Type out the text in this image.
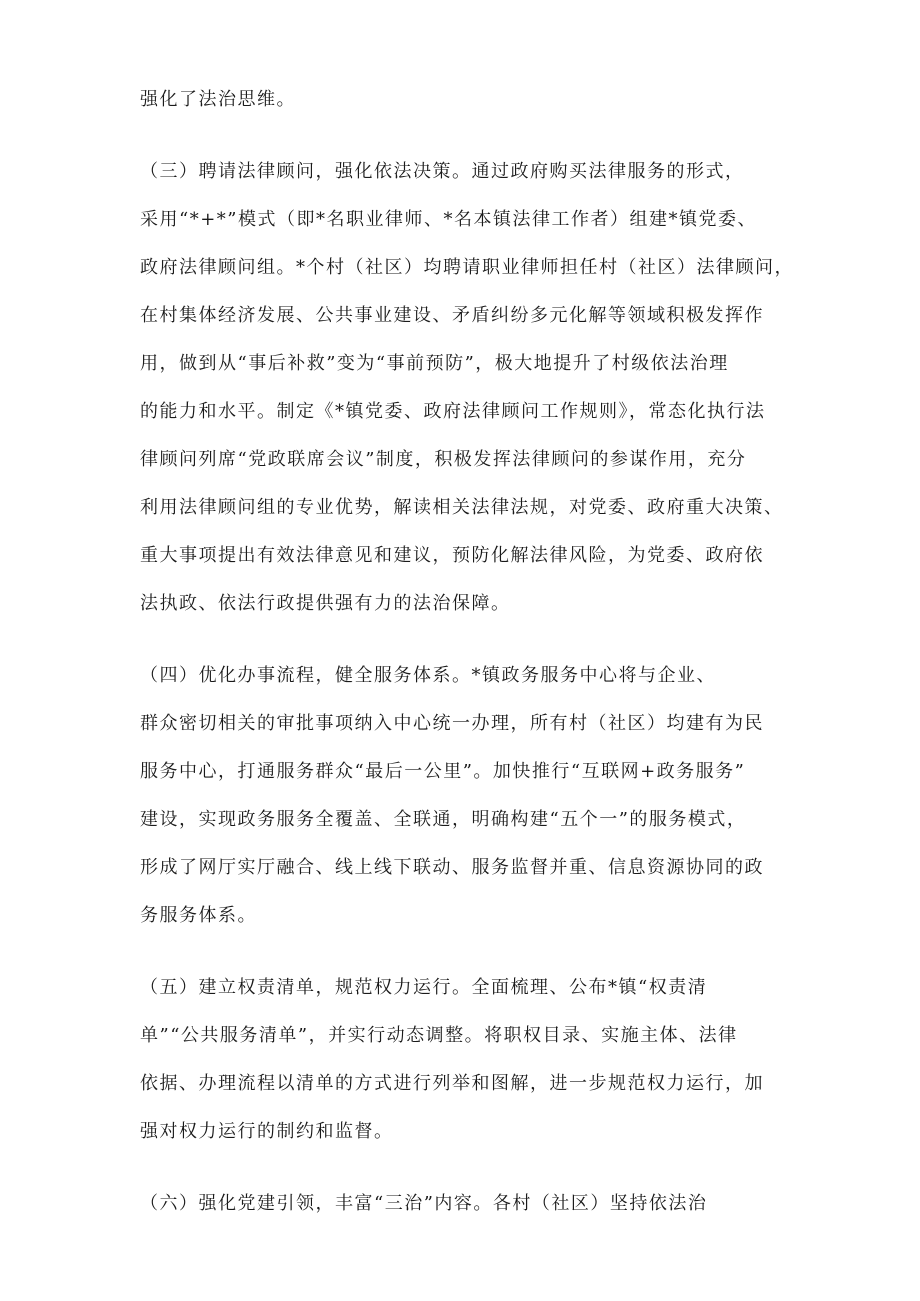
强化了法治思维。
（三）聘请法律顾问，强化依法决策。通过政府购买法律服务的形式，
采用“*+*”模式（即*名职业律师、*名本镇法律工作者）组建*镇党委、
政府法律顾问组。*个村（社区）均聘请职业律师担任村（社区）法律顾问，
在村集体经济发展、公共事业建设、矛盾纠纷多元化解等领域积极发挥作
用，做到从“事后补救”变为“事前预防”，极大地提升了村级依法治理
的能力和水平。制定《*镇党委、政府法律顾问工作规则》，常态化执行法
律顾问列席“党政联席会议”制度，积极发挥法律顾问的参谋作用，充分
利用法律顾问组的专业优势，解读相关法律法规，对党委、政府重大决策、
重大事项提出有效法律意见和建议，预防化解法律风险，为党委、政府依
法执政、依法行政提供强有力的法治保障。
（四）优化办事流程，健全服务体系。*镇政务服务中心将与企业、
群众密切相关的审批事项纳入中心统一办理，所有村（社区）均建有为民
服务中心，打通服务群众“最后一公里”。加快推行“互联网+政务服务”
建设，实现政务服务全覆盖、全联通，明确构建“五个一”的服务模式，
形成了网厅实厅融合、线上线下联动、服务监督并重、信息资源协同的政
务服务体系。
（五）建立权责清单，规范权力运行。全面梳理、公布*镇“权责清
单”“公共服务清单”，并实行动态调整。将职权目录、实施主体、法律
依据、办理流程以清单的方式进行列举和图解，进一步规范权力运行，加
强对权力运行的制约和监督。
（六）强化党建引领，丰富“三治”内容。各村（社区）坚持依法治
